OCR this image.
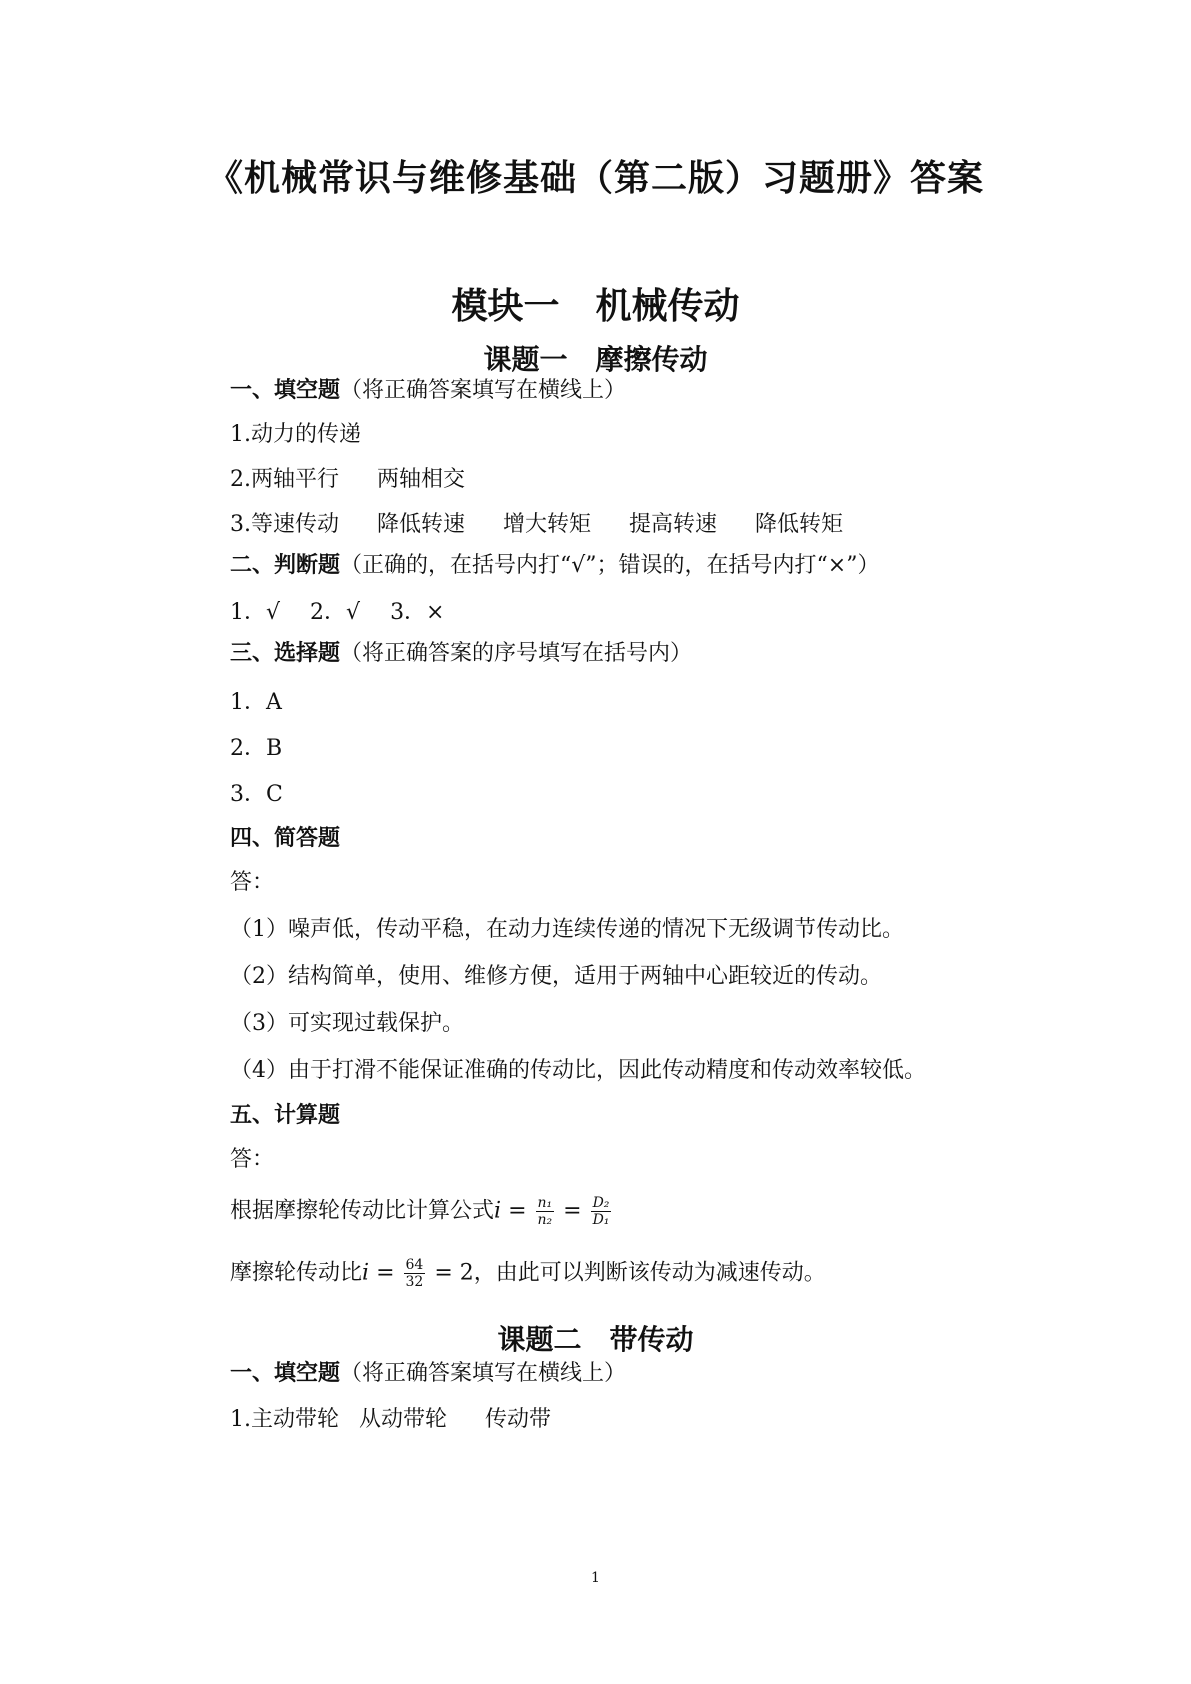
《机械常识与维修基础（第二版）习题册》答案
模块一　机械传动
课题一　摩擦传动
一、填空题（将正确答案填写在横线上）
1.动力的传递
2.两轴平行 两轴相交
3.等速传动 降低转速 增大转矩 提高转速 降低转矩
二、判断题（正确的，在括号内打“√”；错误的，在括号内打“×”）
1．√ 2．√ 3．×
三、选择题（将正确答案的序号填写在括号内）
1．A
2．B
3．C
四、简答题
答：
（1）噪声低，传动平稳，在动力连续传递的情况下无级调节传动比。
（2）结构简单，使用、维修方便，适用于两轴中心距较近的传动。
（3）可实现过载保护。
（4）由于打滑不能保证准确的传动比，因此传动精度和传动效率较低。
五、计算题
答：
根据摩擦轮传动比计算公式$i = \frac{\text{n₁}}{\text{n₂}} = \frac{\text{D₂}}{\text{D₁}}$
摩擦轮传动比$i = \frac{64}{32} = 2$，由此可以判断该传动为减速传动。
课题二　带传动
一、填空题（将正确答案填写在横线上）
1.主动带轮 从动带轮 传动带
1
